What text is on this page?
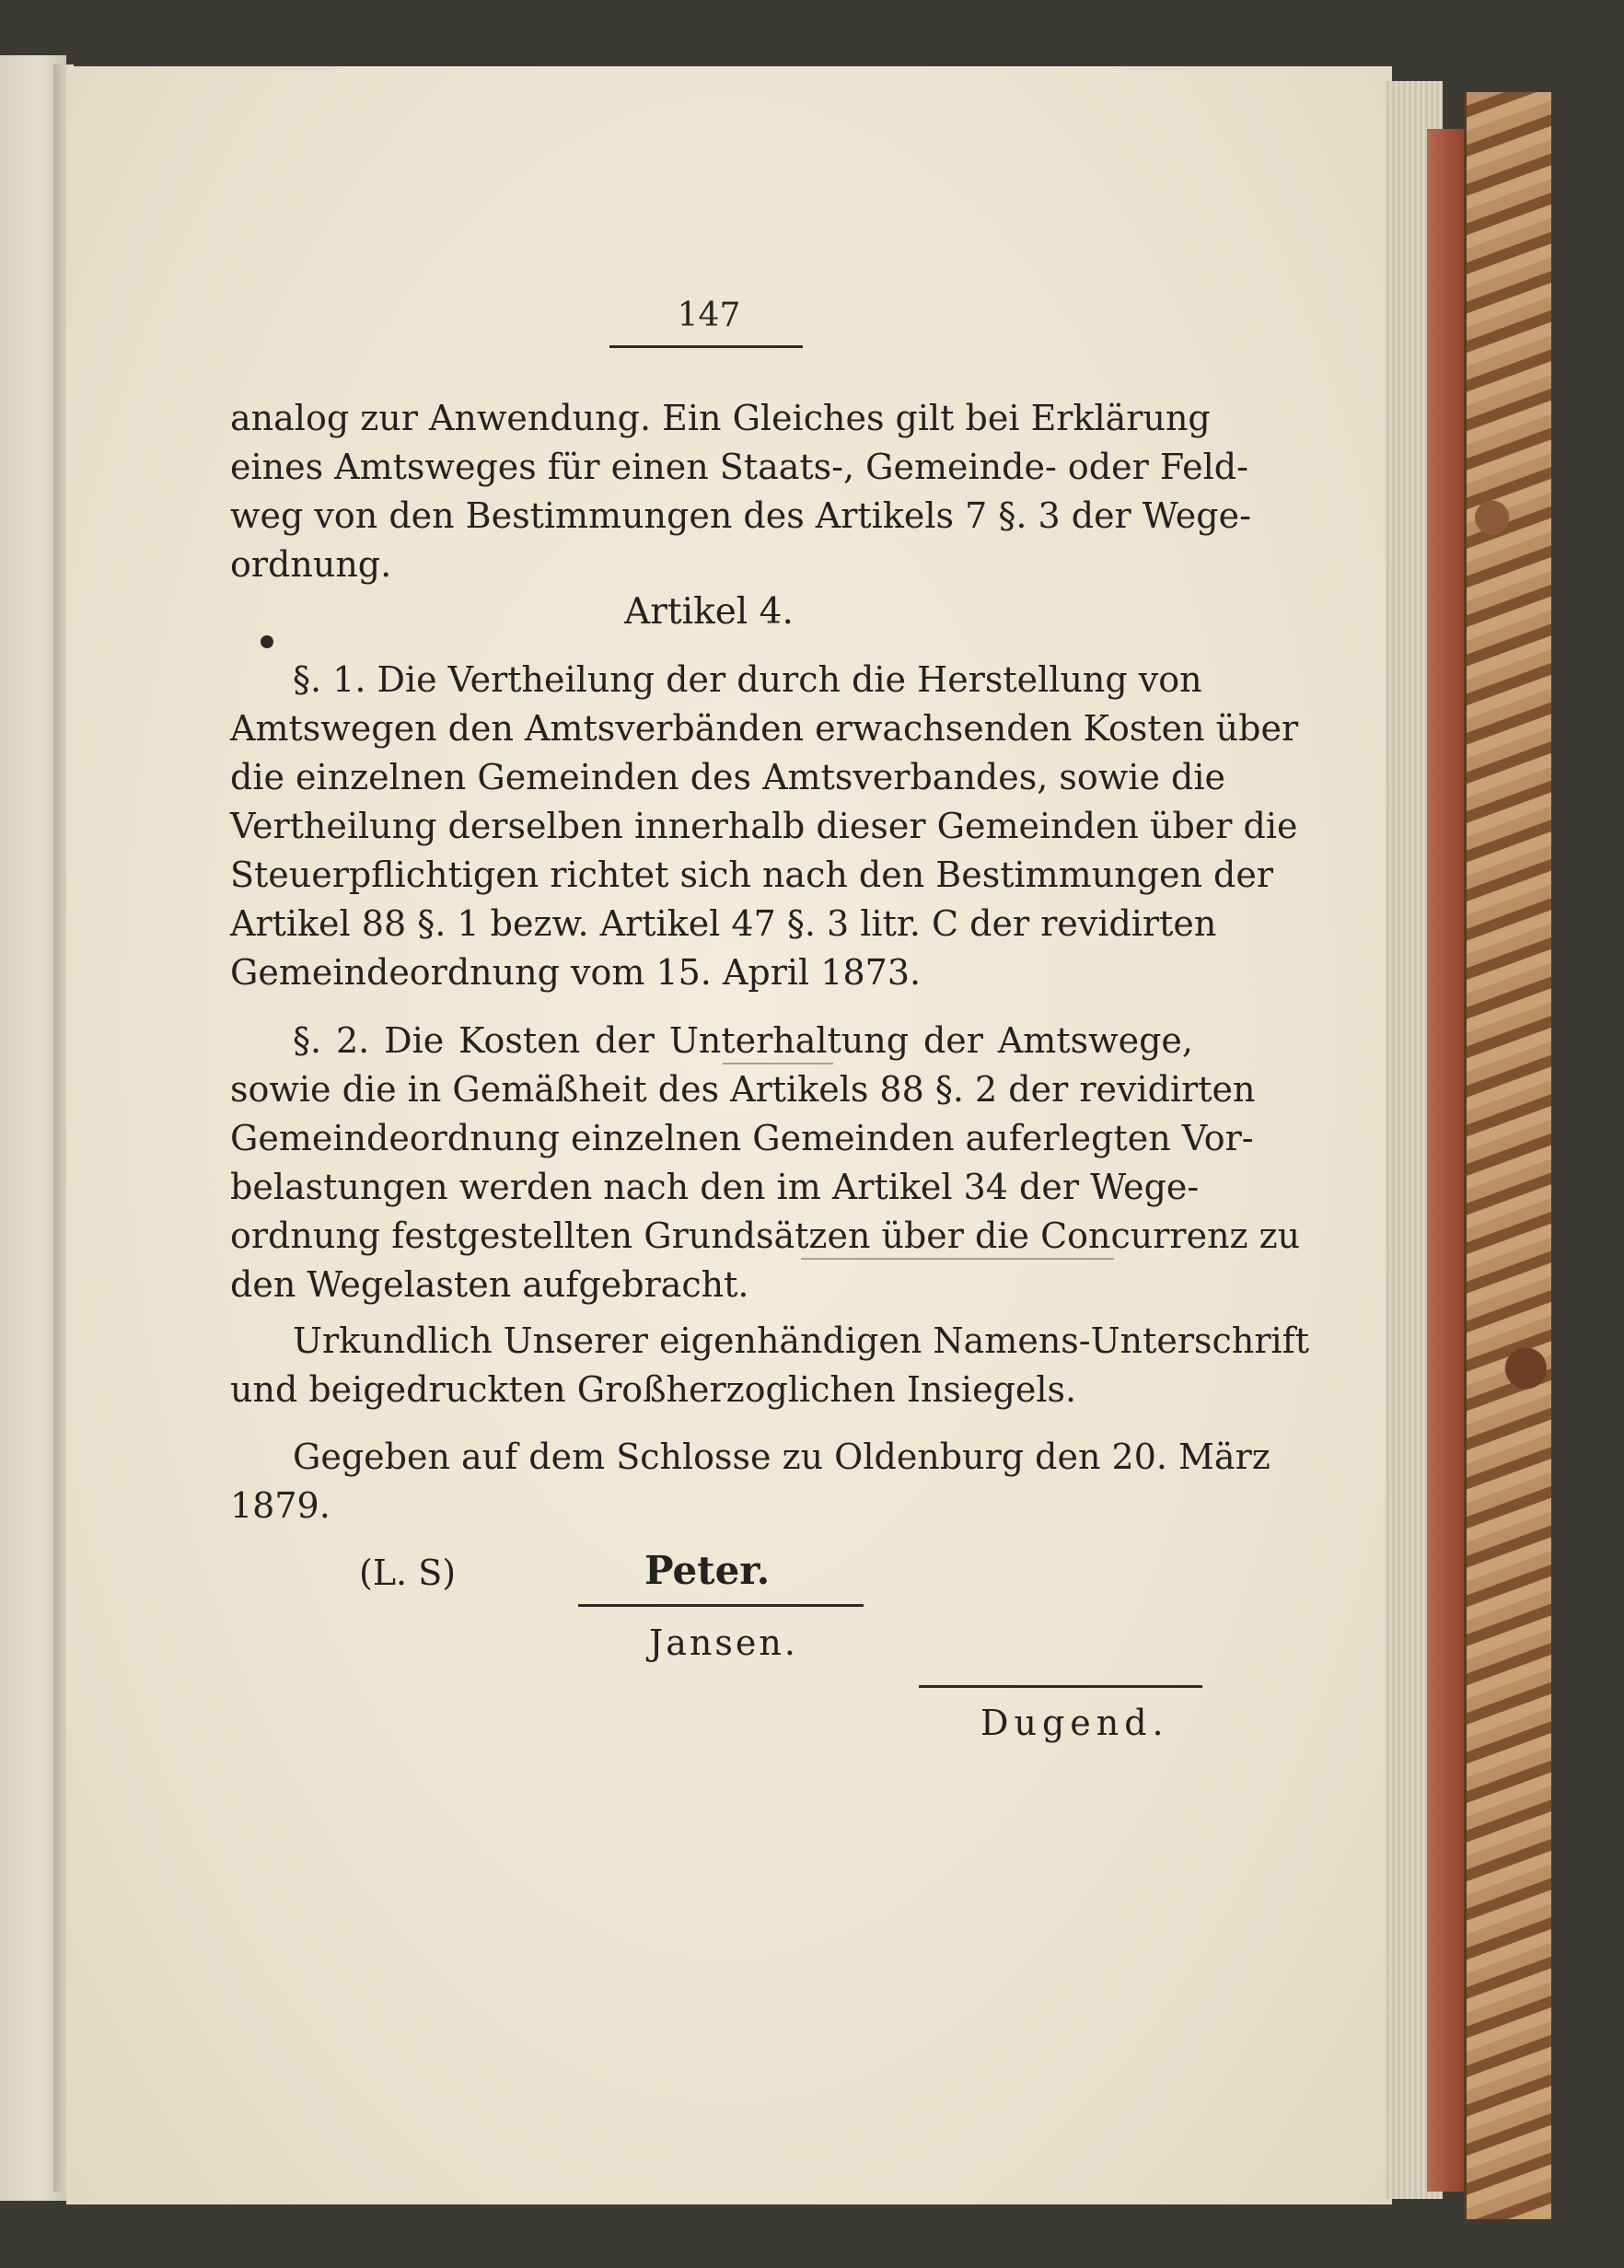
147
analog zur Anwendung. Ein Gleiches gilt bei Erklärung
eines Amtsweges für einen Staats-, Gemeinde- oder Feld-
weg von den Bestimmungen des Artikels 7 §. 3 der Wege-
ordnung.
Artikel 4.
§. 1. Die Vertheilung der durch die Herstellung von
Amtswegen den Amtsverbänden erwachsenden Kosten über
die einzelnen Gemeinden des Amtsverbandes, sowie die
Vertheilung derselben innerhalb dieser Gemeinden über die
Steuerpflichtigen richtet sich nach den Bestimmungen der
Artikel 88 §. 1 bezw. Artikel 47 §. 3 litr. C der revidirten
Gemeindeordnung vom 15. April 1873.
§. 2. Die Kosten der Unterhaltung der Amtswege,
sowie die in Gemäßheit des Artikels 88 §. 2 der revidirten
Gemeindeordnung einzelnen Gemeinden auferlegten Vor-
belastungen werden nach den im Artikel 34 der Wege-
ordnung festgestellten Grundsätzen über die Concurrenz zu
den Wegelasten aufgebracht.
Urkundlich Unserer eigenhändigen Namens-Unterschrift
und beigedruckten Großherzoglichen Insiegels.
Gegeben auf dem Schlosse zu Oldenburg den 20. März
1879.
(L. S)	Peter.
Jansen.
Dugend.
